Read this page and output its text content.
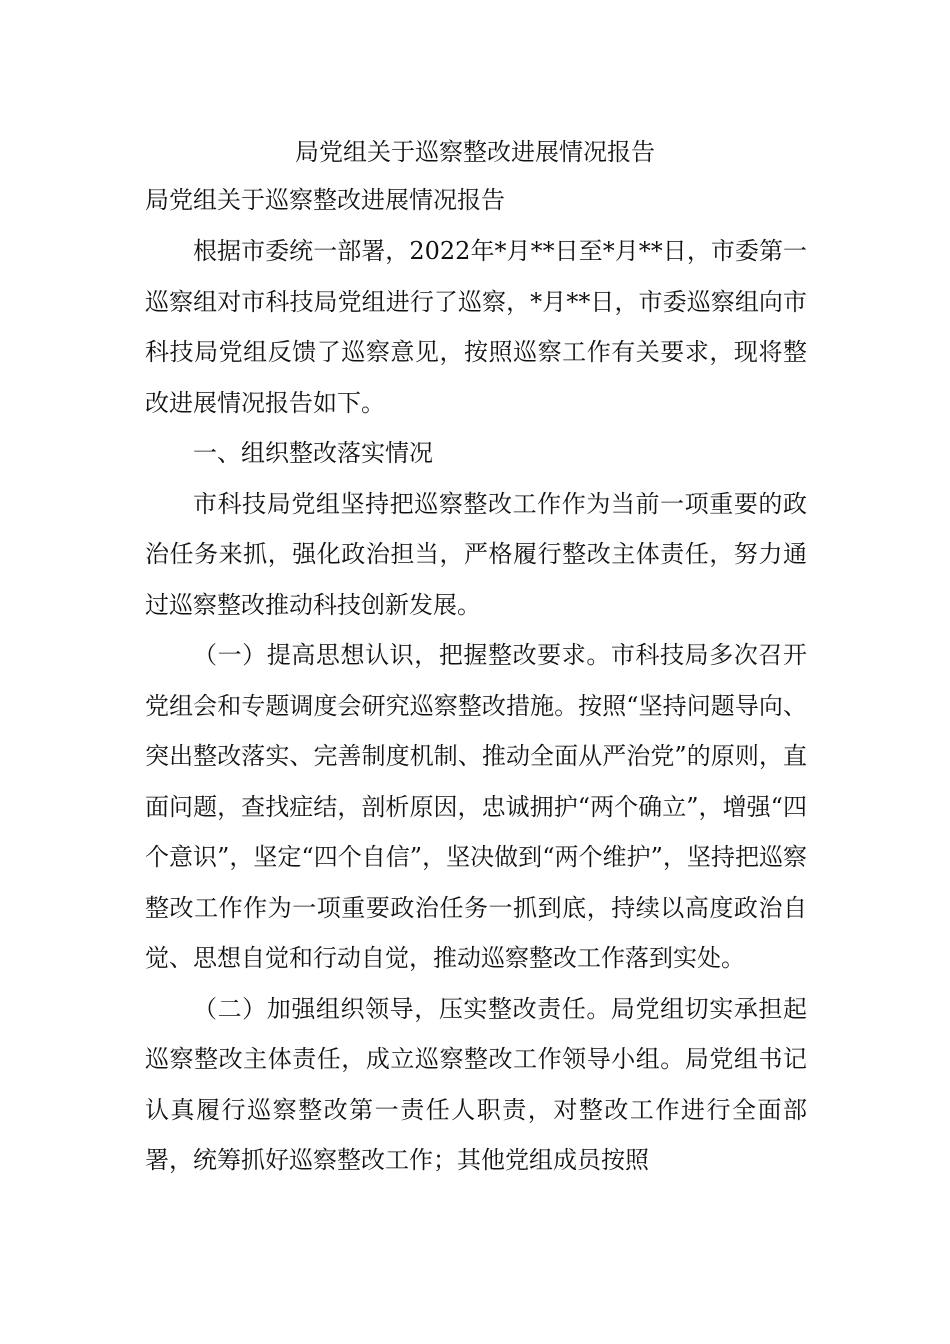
局党组关于巡察整改进展情况报告
局党组关于巡察整改进展情况报告

根据市委统一部署，2022年*月**日至*月**日，市委第一巡察组对市科技局党组进行了巡察，*月**日，市委巡察组向市科技局党组反馈了巡察意见，按照巡察工作有关要求，现将整改进展情况报告如下。

一、组织整改落实情况

市科技局党组坚持把巡察整改工作作为当前一项重要的政治任务来抓，强化政治担当，严格履行整改主体责任，努力通过巡察整改推动科技创新发展。

（一）提高思想认识，把握整改要求。市科技局多次召开党组会和专题调度会研究巡察整改措施。按照“坚持问题导向、突出整改落实、完善制度机制、推动全面从严治党”的原则，直面问题，查找症结，剖析原因，忠诚拥护“两个确立”，增强“四个意识”，坚定“四个自信”，坚决做到“两个维护”，坚持把巡察整改工作作为一项重要政治任务一抓到底，持续以高度政治自觉、思想自觉和行动自觉，推动巡察整改工作落到实处。

（二）加强组织领导，压实整改责任。局党组切实承担起巡察整改主体责任，成立巡察整改工作领导小组。局党组书记认真履行巡察整改第一责任人职责，对整改工作进行全面部署，统筹抓好巡察整改工作；其他党组成员按照
